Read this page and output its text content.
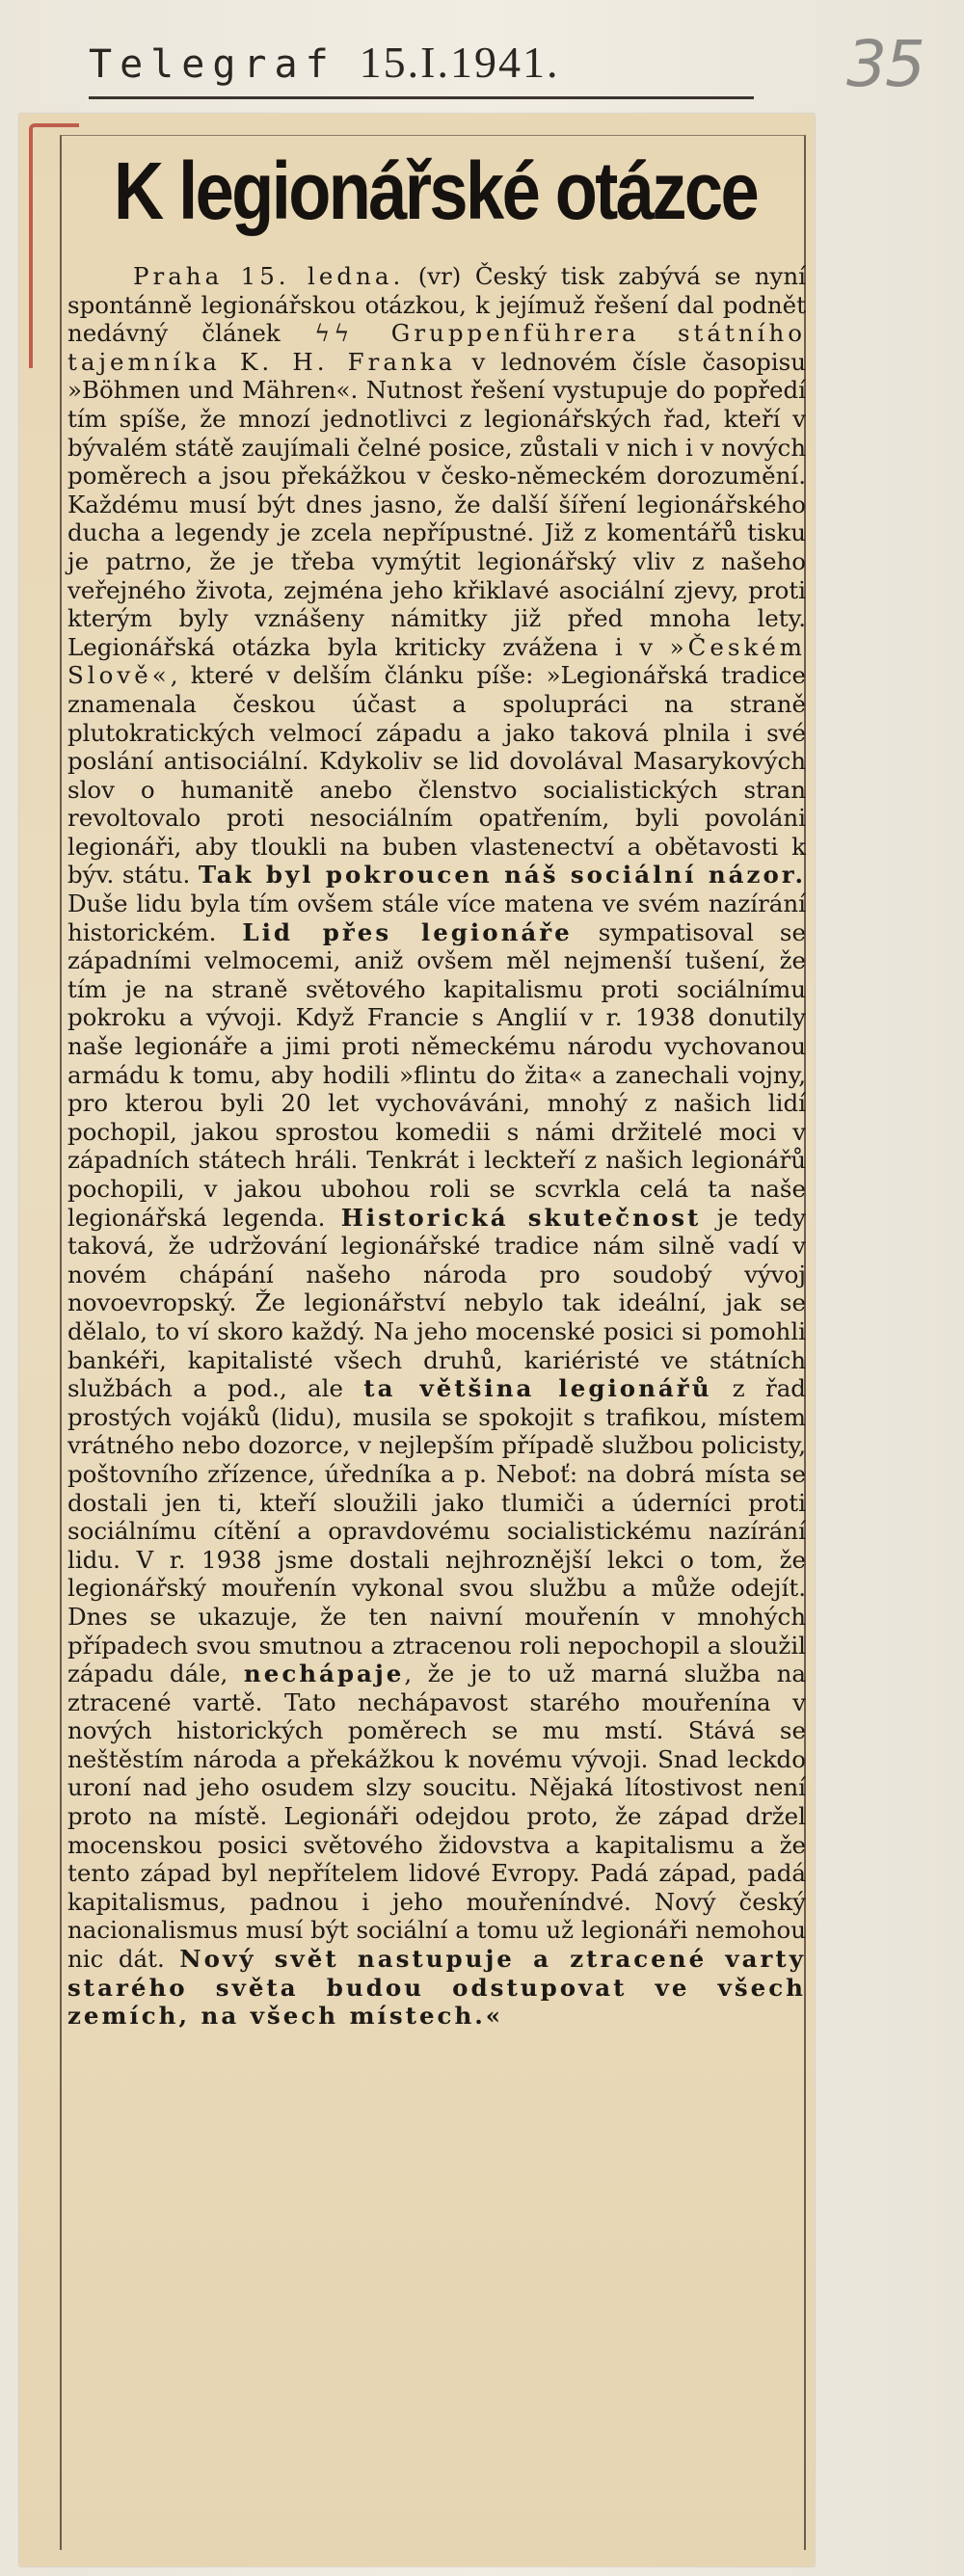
Telegraf 15.I.1941.	35
K legionářské otázce

Praha 15. ledna. (vr) Český tisk zabývá se nyní spontánně legionářskou otázkou, k jejímuž řešení dal podnět nedávný článek ϟϟ Gruppenführera státního tajemníka K. H. Franka v lednovém čísle časopisu »Böhmen und Mähren«. Nutnost řešení vystupuje do popředí tím spíše, že mnozí jednotlivci z legionářských řad, kteří v bývalém státě zaujímali čelné posice, zůstali v nich i v nových poměrech a jsou překážkou v česko-německém dorozumění. Každému musí být dnes jasno, že další šíření legionářského ducha a legendy je zcela nepřípustné. Již z komentářů tisku je patrno, že je třeba vymýtit legionářský vliv z našeho veřejného života, zejména jeho křiklavé asociální zjevy, proti kterým byly vznášeny námitky již před mnoha lety. Legionářská otázka byla kriticky zvážena i v »Českém Slově«, které v delším článku píše: »Legionářská tradice znamenala českou účast a spolupráci na straně plutokratických velmocí západu a jako taková plnila i své poslání antisociální. Kdykoliv se lid dovolával Masarykových slov o humanitě anebo členstvo socialistických stran revoltovalo proti nesociálním opatřením, byli povoláni legionáři, aby tloukli na buben vlastenectví a obětavosti k býv. státu. Tak byl pokroucen náš sociální názor. Duše lidu byla tím ovšem stále více matena ve svém nazírání historickém. Lid přes legionáře sympatisoval se západními velmocemi, aniž ovšem měl nejmenší tušení, že tím je na straně světového kapitalismu proti sociálnímu pokroku a vývoji. Když Francie s Anglií v r. 1938 donutily naše legionáře a jimi proti německému národu vychovanou armádu k tomu, aby hodili »flintu do žita« a zanechali vojny, pro kterou byli 20 let vychováváni, mnohý z našich lidí pochopil, jakou sprostou komedii s námi držitelé moci v západních státech hráli. Tenkrát i leckteří z našich legionářů pochopili, v jakou ubohou roli se scvrkla celá ta naše legionářská legenda. Historická skutečnost je tedy taková, že udržování legionářské tradice nám silně vadí v novém chápání našeho národa pro soudobý vývoj novoevropský. Že legionářství nebylo tak ideální, jak se dělalo, to ví skoro každý. Na jeho mocenské posici si pomohli bankéři, kapitalisté všech druhů, kariéristé ve státních službách a pod., ale ta většina legionářů z řad prostých vojáků (lidu), musila se spokojit s trafikou, místem vrátného nebo dozorce, v nejlepším případě službou policisty, poštovního zřízence, úředníka a p. Neboť: na dobrá místa se dostali jen ti, kteří sloužili jako tlumiči a úderníci proti sociálnímu cítění a opravdovému socialistickému nazírání lidu. V r. 1938 jsme dostali nejhroznější lekci o tom, že legionářský mouřenín vykonal svou službu a může odejít. Dnes se ukazuje, že ten naivní mouřenín v mnohých případech svou smutnou a ztracenou roli nepochopil a sloužil západu dále, nechápaje, že je to už marná služba na ztracené vartě. Tato nechápavost starého mouřenína v nových historických poměrech se mu mstí. Stává se neštěstím národa a překážkou k novému vývoji. Snad leckdo uroní nad jeho osudem slzy soucitu. Nějaká lítostivost není proto na místě. Legionáři odejdou proto, že západ držel mocenskou posici světového židovstva a kapitalismu a že tento západ byl nepřítelem lidové Evropy. Padá západ, padá kapitalismus, padnou i jeho mouřeníndvé. Nový český nacionalismus musí být sociální a tomu už legionáři nemohou nic dát. Nový svět nastupuje a ztracené varty starého světa budou odstupovat ve všech zemích, na všech místech.«
